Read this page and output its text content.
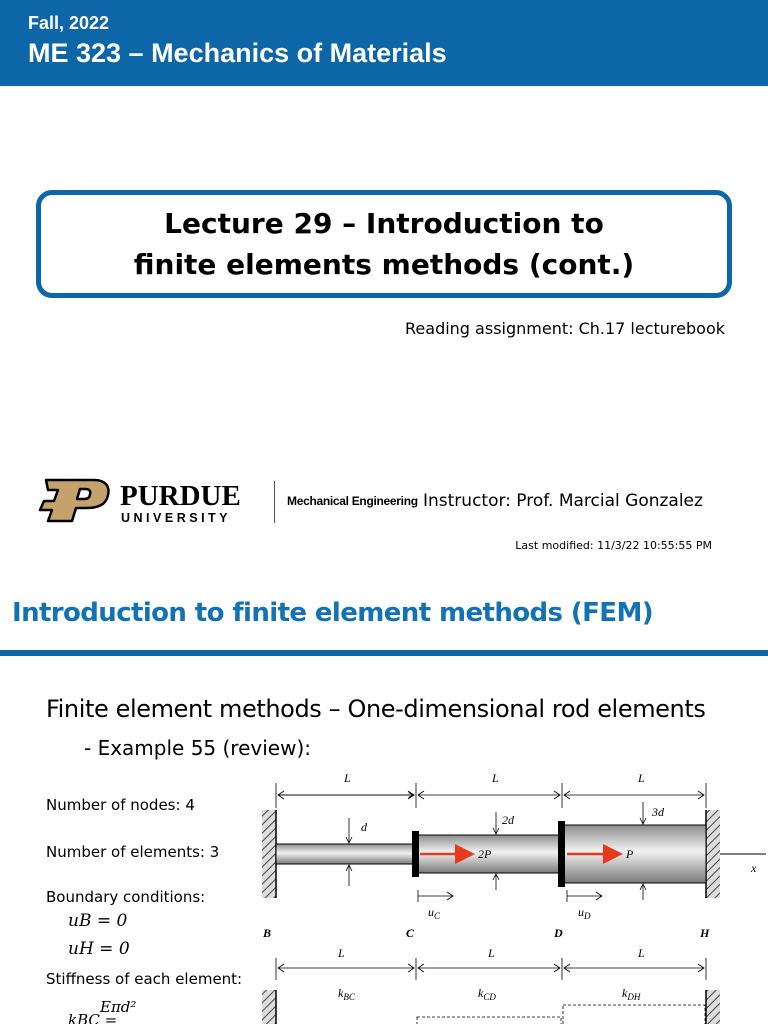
Fall, 2022
ME 323 – Mechanics of Materials
Lecture 29 – Introduction to
finite elements methods (cont.)
Reading assignment: Ch.17 lecturebook
PURDUE
UNIVERSITY
Mechanical Engineering Instructor: Prof. Marcial Gonzalez
Last modified: 11/3/22 10:55:55 PM
Introduction to finite element methods (FEM)
Finite element methods – One-dimensional rod elements
- Example 55 (review):
Number of nodes: 4
Number of elements: 3
Boundary conditions:
uB = 0
uH = 0
Stiffness of each element:
Eπd²
kBC =
x
L	L	L
d	2d
3d
2P	P
$u_C$	$u_D$
B	C	D	H
L	L	L
$k_{BC}$	$k_{CD}$	$k_{DH}$
